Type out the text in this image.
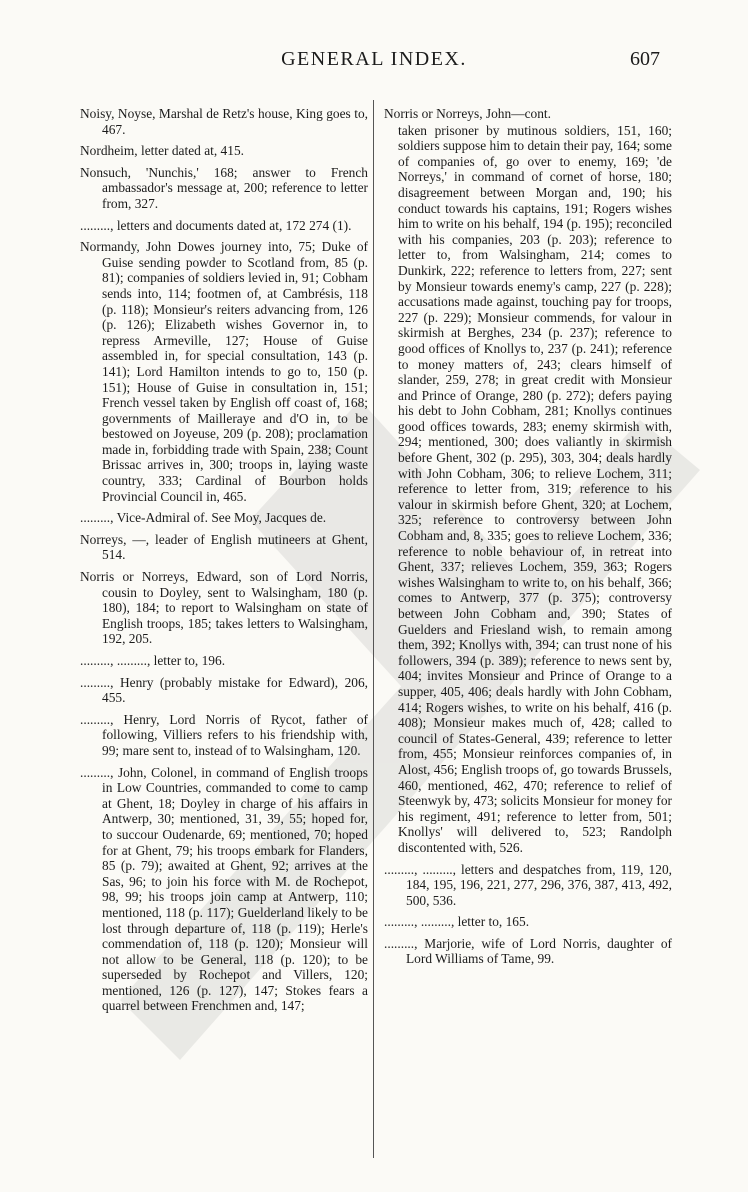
GENERAL INDEX.	607

Noisy, Noyse, Marshal de Retz's house, King goes to, 467.

Nordheim, letter dated at, 415.

Nonsuch, 'Nunchis,' 168; answer to French ambassador's message at, 200; reference to letter from, 327.

........., letters and documents dated at, 172 274 (1).

Normandy, John Dowes journey into, 75; Duke of Guise sending powder to Scotland from, 85 (p. 81); companies of soldiers levied in, 91; Cobham sends into, 114; footmen of, at Cambrésis, 118 (p. 118); Monsieur's reiters advancing from, 126 (p. 126); Elizabeth wishes Governor in, to repress Armeville, 127; House of Guise assembled in, for special consultation, 143 (p. 141); Lord Hamilton intends to go to, 150 (p. 151); House of Guise in consultation in, 151; French vessel taken by English off coast of, 168; governments of Mailleraye and d'O in, to be bestowed on Joyeuse, 209 (p. 208); proclamation made in, forbidding trade with Spain, 238; Count Brissac arrives in, 300; troops in, laying waste country, 333; Cardinal of Bourbon holds Provincial Council in, 465.

........., Vice-Admiral of. See Moy, Jacques de.

Norreys, —, leader of English mutineers at Ghent, 514.

Norris or Norreys, Edward, son of Lord Norris, cousin to Doyley, sent to Walsingham, 180 (p. 180), 184; to report to Walsingham on state of English troops, 185; takes letters to Walsingham, 192, 205.

........., ........., letter to, 196.

........., Henry (probably mistake for Edward), 206, 455.

........., Henry, Lord Norris of Rycot, father of following, Villiers refers to his friendship with, 99; mare sent to, instead of to Walsingham, 120.

........., John, Colonel, in command of English troops in Low Countries, commanded to come to camp at Ghent, 18; Doyley in charge of his affairs in Antwerp, 30; mentioned, 31, 39, 55; hoped for, to succour Oudenarde, 69; mentioned, 70; hoped for at Ghent, 79; his troops embark for Flanders, 85 (p. 79); awaited at Ghent, 92; arrives at the Sas, 96; to join his force with M. de Rochepot, 98, 99; his troops join camp at Antwerp, 110; mentioned, 118 (p. 117); Guelderland likely to be lost through departure of, 118 (p. 119); Herle's commendation of, 118 (p. 120); Monsieur will not allow to be General, 118 (p. 120); to be superseded by Rochepot and Villers, 120; mentioned, 126 (p. 127), 147; Stokes fears a quarrel between Frenchmen and, 147;

Norris or Norreys, John—cont.

taken prisoner by mutinous soldiers, 151, 160; soldiers suppose him to detain their pay, 164; some of companies of, go over to enemy, 169; 'de Norreys,' in command of cornet of horse, 180; disagreement between Morgan and, 190; his conduct towards his captains, 191; Rogers wishes him to write on his behalf, 194 (p. 195); reconciled with his companies, 203 (p. 203); reference to letter to, from Walsingham, 214; comes to Dunkirk, 222; reference to letters from, 227; sent by Monsieur towards enemy's camp, 227 (p. 228); accusations made against, touching pay for troops, 227 (p. 229); Monsieur commends, for valour in skirmish at Berghes, 234 (p. 237); reference to good offices of Knollys to, 237 (p. 241); reference to money matters of, 243; clears himself of slander, 259, 278; in great credit with Monsieur and Prince of Orange, 280 (p. 272); defers paying his debt to John Cobham, 281; Knollys continues good offices towards, 283; enemy skirmish with, 294; mentioned, 300; does valiantly in skirmish before Ghent, 302 (p. 295), 303, 304; deals hardly with John Cobham, 306; to relieve Lochem, 311; reference to letter from, 319; reference to his valour in skirmish before Ghent, 320; at Lochem, 325; reference to controversy between John Cobham and, 8, 335; goes to relieve Lochem, 336; reference to noble behaviour of, in retreat into Ghent, 337; relieves Lochem, 359, 363; Rogers wishes Walsingham to write to, on his behalf, 366; comes to Antwerp, 377 (p. 375); controversy between John Cobham and, 390; States of Guelders and Friesland wish, to remain among them, 392; Knollys with, 394; can trust none of his followers, 394 (p. 389); reference to news sent by, 404; invites Monsieur and Prince of Orange to a supper, 405, 406; deals hardly with John Cobham, 414; Rogers wishes, to write on his behalf, 416 (p. 408); Monsieur makes much of, 428; called to council of States-General, 439; reference to letter from, 455; Monsieur reinforces companies of, in Alost, 456; English troops of, go towards Brussels, 460, mentioned, 462, 470; reference to relief of Steenwyk by, 473; solicits Monsieur for money for his regiment, 491; reference to letter from, 501; Knollys' will delivered to, 523; Randolph discontented with, 526.

........., ........., letters and despatches from, 119, 120, 184, 195, 196, 221, 277, 296, 376, 387, 413, 492, 500, 536.

........., ........., letter to, 165.

........., Marjorie, wife of Lord Norris, daughter of Lord Williams of Tame, 99.
